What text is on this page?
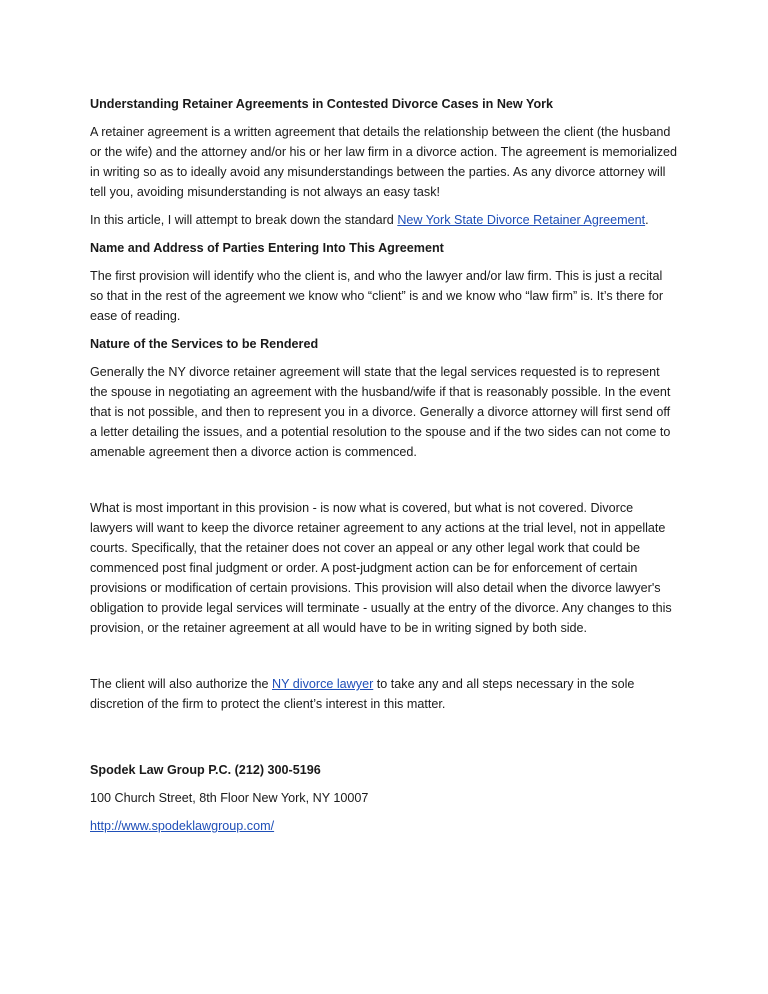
Understanding Retainer Agreements in Contested Divorce Cases in New York

A retainer agreement is a written agreement that details the relationship between the client (the husband or the wife) and the attorney and/or his or her law firm in a divorce action. The agreement is memorialized in writing so as to ideally avoid any misunderstandings between the parties. As any divorce attorney will tell you, avoiding misunderstanding is not always an easy task!

In this article, I will attempt to break down the standard New York State Divorce Retainer Agreement.

Name and Address of Parties Entering Into This Agreement

The first provision will identify who the client is, and who the lawyer and/or law firm. This is just a recital so that in the rest of the agreement we know who “client” is and we know who “law firm” is. It’s there for ease of reading.

Nature of the Services to be Rendered

Generally the NY divorce retainer agreement will state that the legal services requested is to represent the spouse in negotiating an agreement with the husband/wife if that is reasonably possible. In the event that is not possible, and then to represent you in a divorce. Generally a divorce attorney will first send off a letter detailing the issues, and a potential resolution to the spouse and if the two sides can not come to amenable agreement then a divorce action is commenced.

What is most important in this provision - is now what is covered, but what is not covered. Divorce lawyers will want to keep the divorce retainer agreement to any actions at the trial level, not in appellate courts. Specifically, that the retainer does not cover an appeal or any other legal work that could be commenced post final judgment or order. A post-judgment action can be for enforcement of certain provisions or modification of certain provisions. This provision will also detail when the divorce lawyer's obligation to provide legal services will terminate - usually at the entry of the divorce. Any changes to this provision, or the retainer agreement at all would have to be in writing signed by both side.

The client will also authorize the NY divorce lawyer to take any and all steps necessary in the sole discretion of the firm to protect the client’s interest in this matter.

Spodek Law Group P.C. (212) 300-5196

100 Church Street, 8th Floor New York, NY 10007

http://www.spodeklawgroup.com/
